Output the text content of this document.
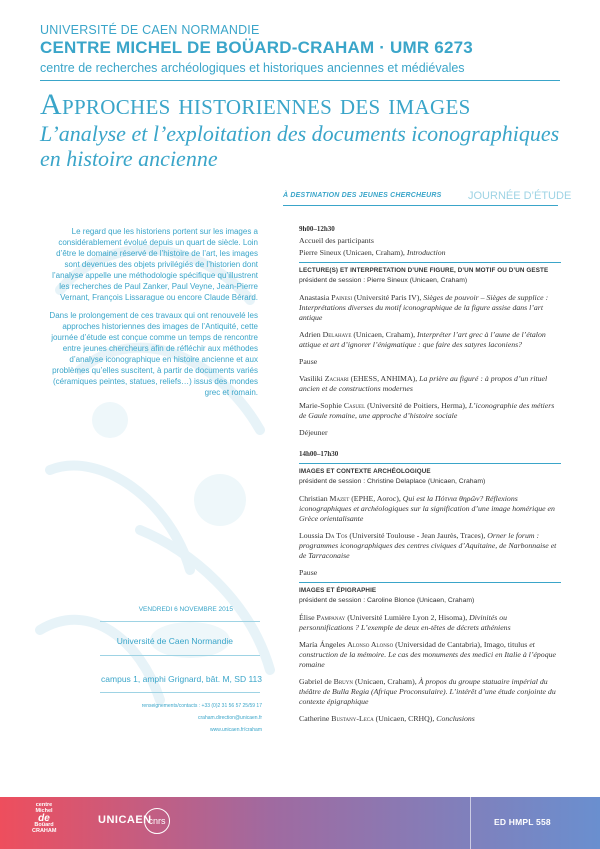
UNIVERSITÉ DE CAEN NORMANDIE
CENTRE MICHEL DE BOÜARD-CRAHAM · UMR 6273
centre de recherches archéologiques et historiques anciennes et médiévales
Approches historiennes des images
L’analyse et l’exploitation des documents iconographiques en histoire ancienne
À DESTINATION DES JEUNES CHERCHEURS JOURNÉE D’ÉTUDE

Le regard que les historiens portent sur les images a considérablement évolué depuis un quart de siècle. Loin d’être le domaine réservé de l’histoire de l’art, les images sont devenues des objets privilégiés de l’historien dont l’analyse appelle une méthodologie spécifique qu’illustrent les recherches de Paul Zanker, Paul Veyne, Jean-Pierre Vernant, François Lissarague ou encore Claude Bérard.

Dans le prolongement de ces travaux qui ont renouvelé les approches historiennes des images de l’Antiquité, cette journée d’étude est conçue comme un temps de rencontre entre jeunes chercheurs afin de réfléchir aux méthodes d’analyse iconographique en histoire ancienne et aux problèmes qu’elles suscitent, à partir de documents variés (céramiques peintes, statues, reliefs…) issus des mondes grec et romain.

VENDREDI 6 NOVEMBRE 2015
Université de Caen Normandie
campus 1, amphi Grignard, bât. M, SD 113
renseignements/contacts : +33 (0)2 31 56 57 25/59 17
craham.direction@unicaen.fr
www.unicaen.fr/craham
9h00–12h30
Accueil des participants
Pierre Sineux (Unicaen, Craham), Introduction
LECTURE(S) ET INTERPRETATION D’UNE FIGURE, D’UN MOTIF OU D’UN GESTE
président de session : Pierre Sineux (Unicaen, Craham)
Anastasia Painesi (Université Paris IV), Sièges de pouvoir – Sièges de supplice : Interprétations diverses du motif iconographique de la figure assise dans l’art antique
Adrien Delahaye (Unicaen, Craham), Interpréter l’art grec à l’aune de l’étalon attique et art d’ignorer l’énigmatique : que faire des satyres laconiens?
Pause
Vasiliki Zachari (EHESS, ANHIMA), La prière au figuré : à propos d’un rituel ancien et de constructions modernes
Marie-Sophie Casuel (Université de Poitiers, Herma), L’iconographie des métiers de Gaule romaine, une approche d’histoire sociale
Déjeuner
14h00–17h30
IMAGES ET CONTEXTE ARCHÉOLOGIQUE
président de session : Christine Delaplace (Unicaen, Craham)
Christian Mazet (EPHE, Aoroc), Qui est la Πότνια θηρῶν? Réflexions iconographiques et archéologiques sur la signification d’une image homérique en Grèce orientalisante
Loussia Da Tos (Université Toulouse - Jean Jaurès, Traces), Orner le forum : programmes iconographiques des centres civiques d’Aquitaine, de Narbonnaise et de Tarraconaise
Pause
IMAGES ET ÉPIGRAPHIE
président de session : Caroline Blonce (Unicaen, Craham)
Élise Pampanay (Université Lumière Lyon 2, Hisoma), Divinités ou personnifications ? L’exemple de deux en-têtes de décrets athéniens
María Ángeles Alonso Alonso (Universidad de Cantabria), Imago, titulus et construction de la mémoire. Le cas des monuments des medici en Italie à l’époque romaine
Gabriel de Bruyn (Unicaen, Craham), À propos du groupe statuaire impérial du théâtre de Bulla Regia (Afrique Proconsulaire). L’intérêt d’une étude conjointe du contexte épigraphique
Catherine Bustany-Leca (Unicaen, CRHQ), Conclusions
centre
Michel
de
Boüard
CRAHAM
UNICAEN
cnrs	ED HMPL 558
